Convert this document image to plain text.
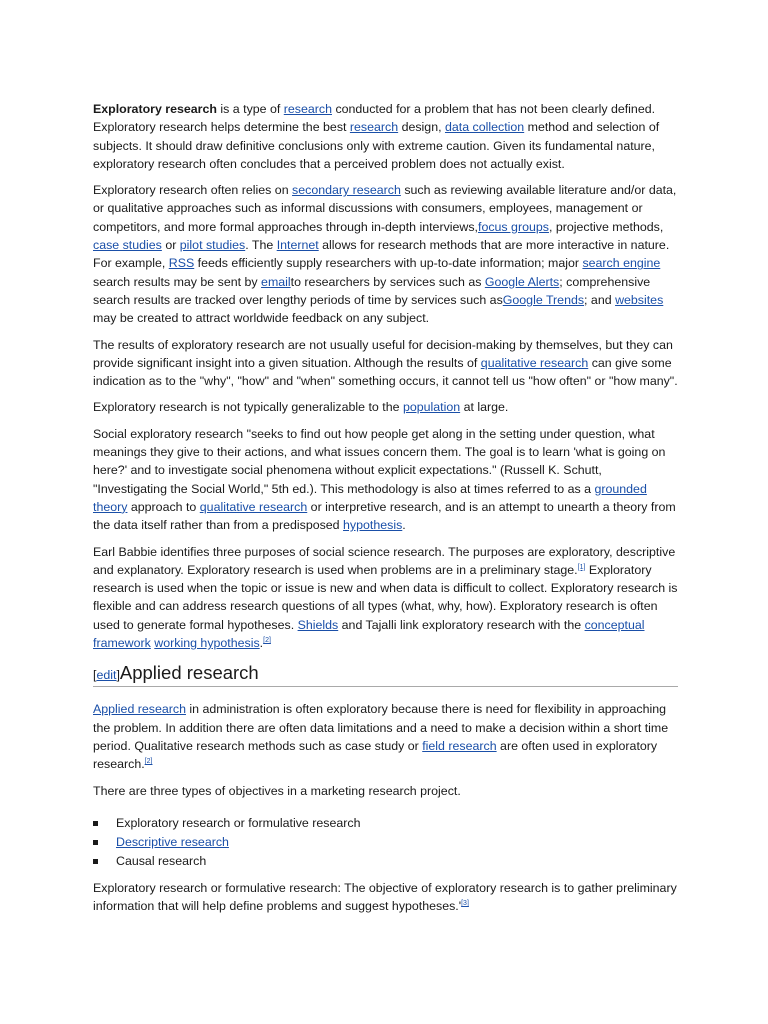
Exploratory research is a type of research conducted for a problem that has not been clearly defined. Exploratory research helps determine the best research design, data collection method and selection of subjects. It should draw definitive conclusions only with extreme caution. Given its fundamental nature, exploratory research often concludes that a perceived problem does not actually exist.

Exploratory research often relies on secondary research such as reviewing available literature and/or data, or qualitative approaches such as informal discussions with consumers, employees, management or competitors, and more formal approaches through in-depth interviews,focus groups, projective methods, case studies or pilot studies. The Internet allows for research methods that are more interactive in nature. For example, RSS feeds efficiently supply researchers with up-to-date information; major search engine search results may be sent by emailto researchers by services such as Google Alerts; comprehensive search results are tracked over lengthy periods of time by services such asGoogle Trends; and websites may be created to attract worldwide feedback on any subject.

The results of exploratory research are not usually useful for decision-making by themselves, but they can provide significant insight into a given situation. Although the results of qualitative research can give some indication as to the "why", "how" and "when" something occurs, it cannot tell us "how often" or "how many".

Exploratory research is not typically generalizable to the population at large.

Social exploratory research "seeks to find out how people get along in the setting under question, what meanings they give to their actions, and what issues concern them. The goal is to learn 'what is going on here?' and to investigate social phenomena without explicit expectations." (Russell K. Schutt, "Investigating the Social World," 5th ed.). This methodology is also at times referred to as a grounded theory approach to qualitative research or interpretive research, and is an attempt to unearth a theory from the data itself rather than from a predisposed hypothesis.

Earl Babbie identifies three purposes of social science research. The purposes are exploratory, descriptive and explanatory. Exploratory research is used when problems are in a preliminary stage.[1] Exploratory research is used when the topic or issue is new and when data is difficult to collect. Exploratory research is flexible and can address research questions of all types (what, why, how). Exploratory research is often used to generate formal hypotheses. Shields and Tajalli link exploratory research with the conceptual framework working hypothesis.[2]

[edit]Applied research

Applied research in administration is often exploratory because there is need for flexibility in approaching the problem. In addition there are often data limitations and a need to make a decision within a short time period. Qualitative research methods such as case study or field research are often used in exploratory research.[2]

There are three types of objectives in a marketing research project.

Exploratory research or formulative research
Descriptive research
Causal research

Exploratory research or formulative research: The objective of exploratory research is to gather preliminary information that will help define problems and suggest hypotheses.'[3]
